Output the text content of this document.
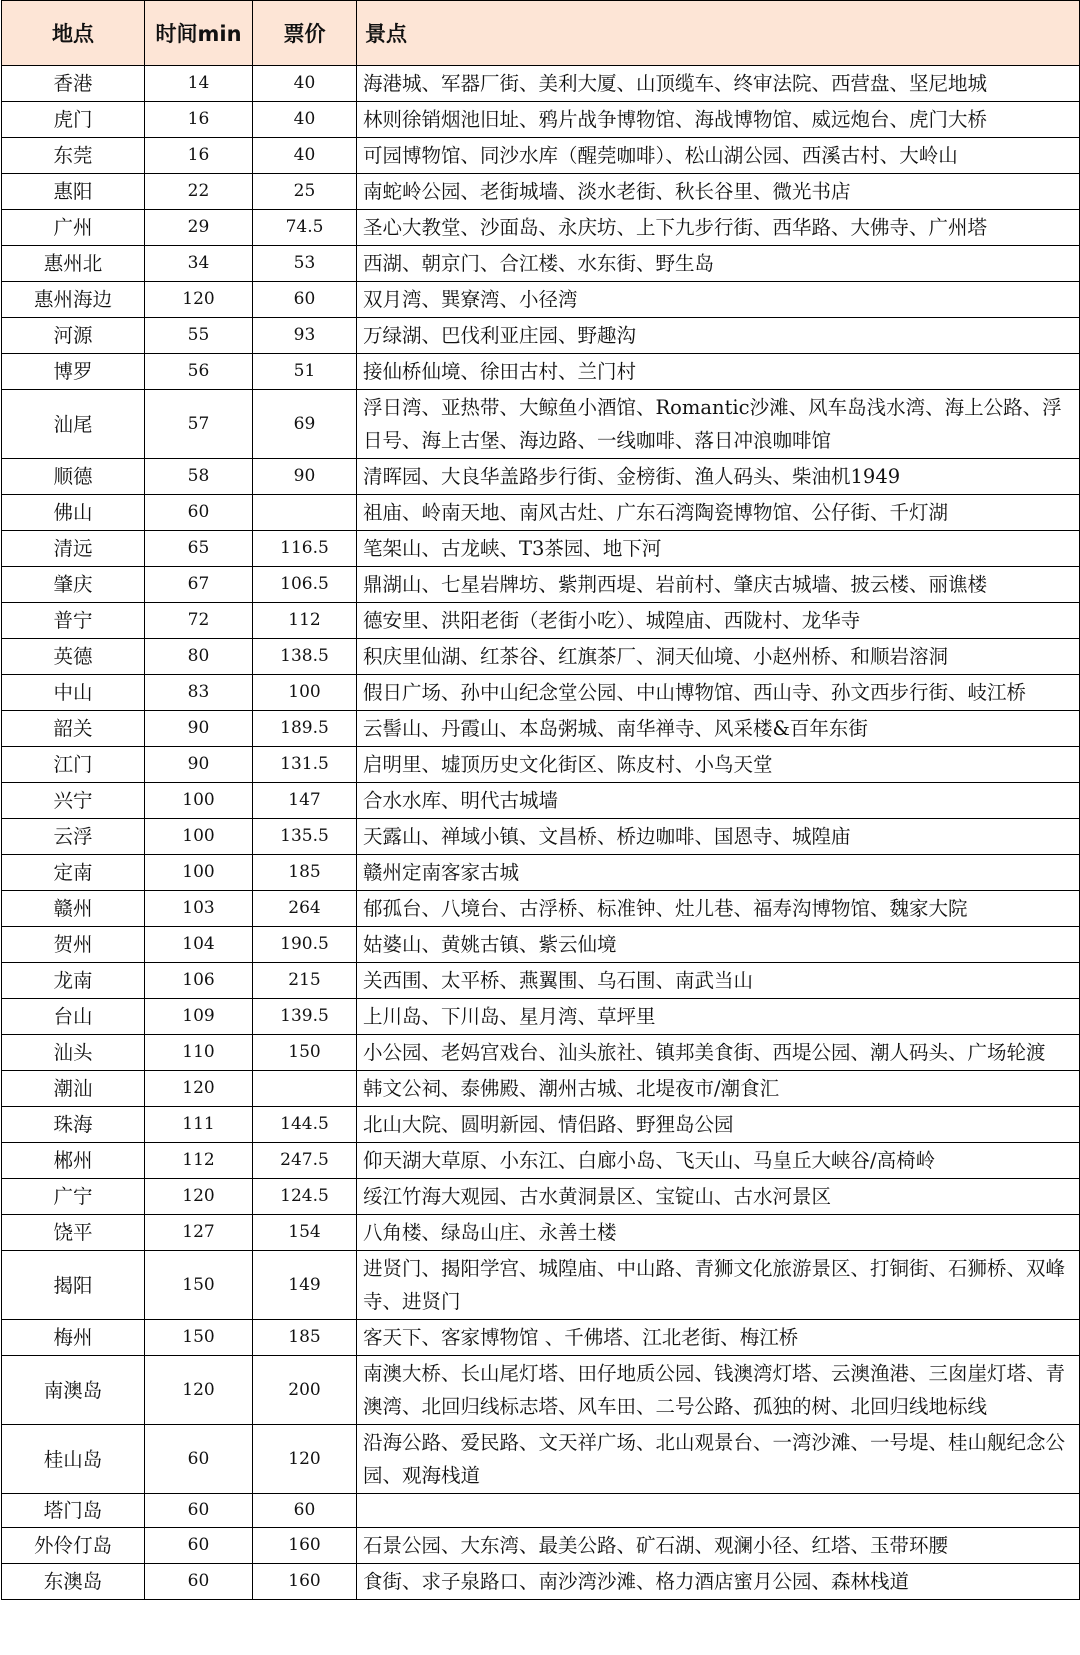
地点	时间min	票价	景点
香港	14	40	海港城、军器厂街、美利大厦、山顶缆车、终审法院、西营盘、坚尼地城
虎门	16	40	林则徐销烟池旧址、鸦片战争博物馆、海战博物馆、威远炮台、虎门大桥
东莞	16	40	可园博物馆、同沙水库（醒莞咖啡）、松山湖公园、西溪古村、大岭山
惠阳	22	25	南蛇岭公园、老街城墙、淡水老街、秋长谷里、微光书店
广州	29	74.5	圣心大教堂、沙面岛、永庆坊、上下九步行街、西华路、大佛寺、广州塔
惠州北	34	53	西湖、朝京门、合江楼、水东街、野生岛
惠州海边	120	60	双月湾、巽寮湾、小径湾
河源	55	93	万绿湖、巴伐利亚庄园、野趣沟
博罗	56	51	接仙桥仙境、徐田古村、兰门村
汕尾	57	69	浮日湾、亚热带、大鲸鱼小酒馆、Romantic沙滩、风车岛浅水湾、海上公路、浮日号、海上古堡、海边路、一线咖啡、落日冲浪咖啡馆
顺德	58	90	清晖园、大良华盖路步行街、金榜街、渔人码头、柴油机1949
佛山	60		祖庙、岭南天地、南风古灶、广东石湾陶瓷博物馆、公仔街、千灯湖
清远	65	116.5	笔架山、古龙峡、T3茶园、地下河
肇庆	67	106.5	鼎湖山、七星岩牌坊、紫荆西堤、岩前村、肇庆古城墙、披云楼、丽谯楼
普宁	72	112	德安里、洪阳老街（老街小吃）、城隍庙、西陇村、龙华寺
英德	80	138.5	积庆里仙湖、红茶谷、红旗茶厂、洞天仙境、小赵州桥、和顺岩溶洞
中山	83	100	假日广场、孙中山纪念堂公园、中山博物馆、西山寺、孙文西步行街、岐江桥
韶关	90	189.5	云髻山、丹霞山、本岛粥城、南华禅寺、风采楼&百年东街
江门	90	131.5	启明里、墟顶历史文化街区、陈皮村、小鸟天堂
兴宁	100	147	合水水库、明代古城墙
云浮	100	135.5	天露山、禅域小镇、文昌桥、桥边咖啡、国恩寺、城隍庙
定南	100	185	赣州定南客家古城
赣州	103	264	郁孤台、八境台、古浮桥、标准钟、灶儿巷、福寿沟博物馆、魏家大院
贺州	104	190.5	姑婆山、黄姚古镇、紫云仙境
龙南	106	215	关西围、太平桥、燕翼围、乌石围、南武当山
台山	109	139.5	上川岛、下川岛、星月湾、草坪里
汕头	110	150	小公园、老妈宫戏台、汕头旅社、镇邦美食街、西堤公园、潮人码头、广场轮渡
潮汕	120		韩文公祠、泰佛殿、潮州古城、北堤夜市/潮食汇
珠海	111	144.5	北山大院、圆明新园、情侣路、野狸岛公园
郴州	112	247.5	仰天湖大草原、小东江、白廊小岛、飞天山、马皇丘大峡谷/高椅岭
广宁	120	124.5	绥江竹海大观园、古水黄洞景区、宝锭山、古水河景区
饶平	127	154	八角楼、绿岛山庄、永善土楼
揭阳	150	149	进贤门、揭阳学宫、城隍庙、中山路、青狮文化旅游景区、打铜街、石狮桥、双峰寺、进贤门
梅州	150	185	客天下、客家博物馆 、千佛塔、江北老街、梅江桥
南澳岛	120	200	南澳大桥、长山尾灯塔、田仔地质公园、钱澳湾灯塔、云澳渔港、三囱崖灯塔、青澳湾、北回归线标志塔、风车田、二号公路、孤独的树、北回归线地标线
桂山岛	60	120	沿海公路、爱民路、文天祥广场、北山观景台、一湾沙滩、一号堤、桂山舰纪念公园、观海栈道
塔门岛	60	60	
外伶仃岛	60	160	石景公园、大东湾、最美公路、矿石湖、观澜小径、红塔、玉带环腰
东澳岛	60	160	食街、求子泉路口、南沙湾沙滩、格力酒店蜜月公园、森林栈道
